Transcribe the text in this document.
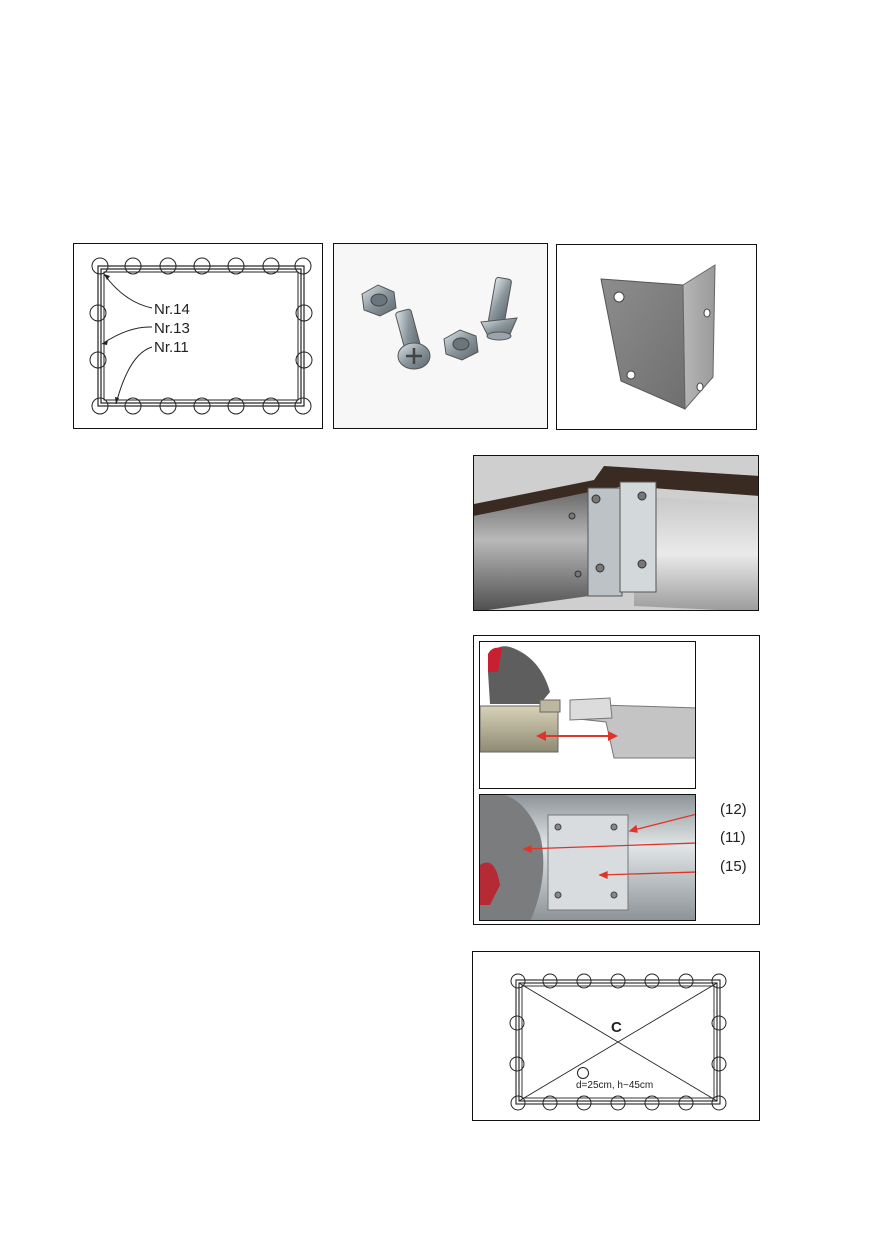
Nr.14
Nr.13
Nr.11
(12)
(11)
(15)
C
d=25cm, h~45cm
